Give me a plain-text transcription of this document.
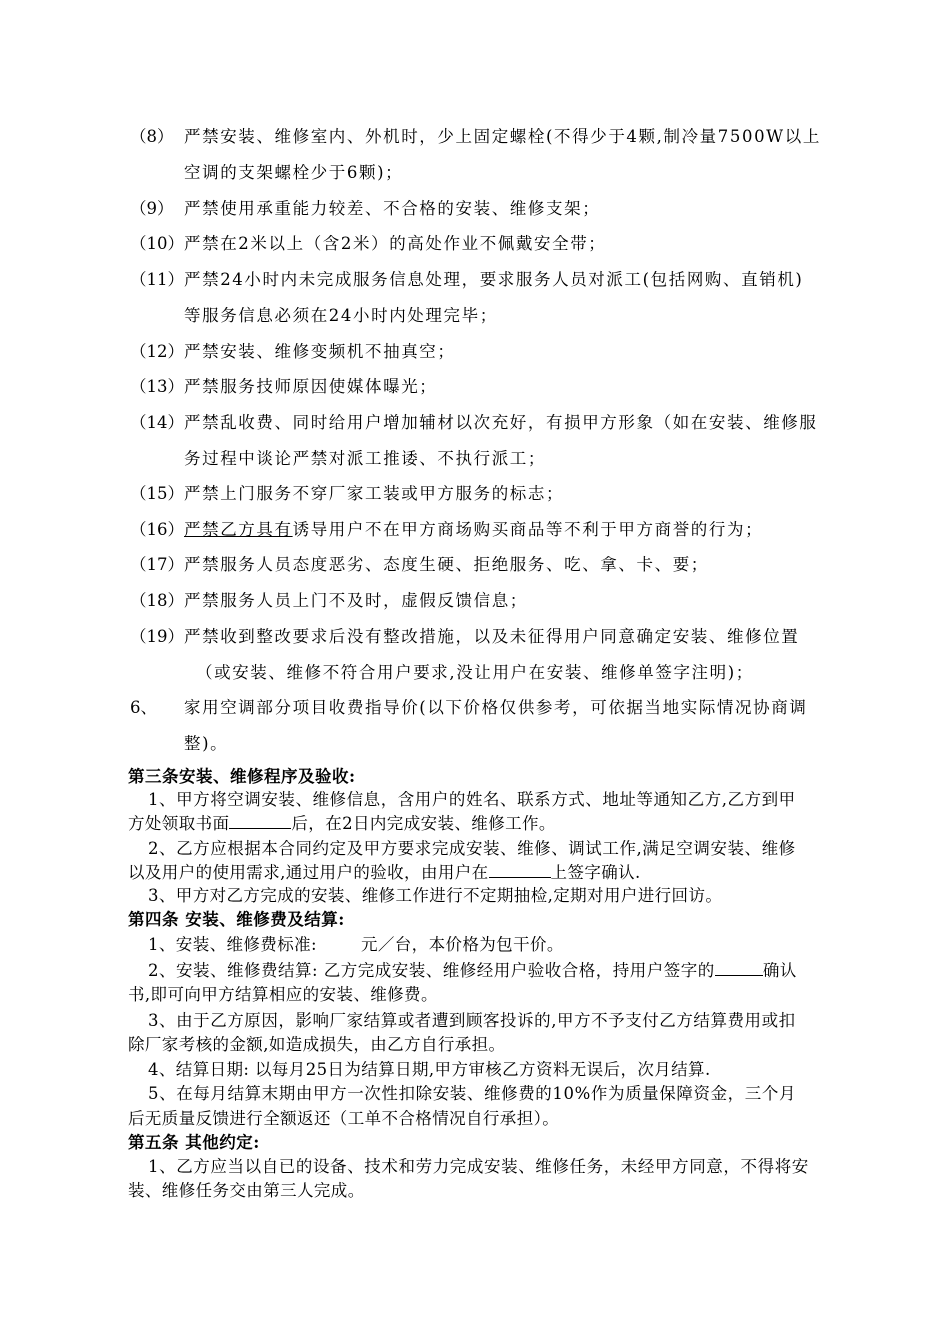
（8） 严禁安装、维修室内、外机时，少上固定螺栓(不得少于4颗,制冷量7500W以上
空调的支架螺栓少于6颗)；
（9） 严禁使用承重能力较差、不合格的安装、维修支架；
（10） 严禁在2米以上（含2米）的高处作业不佩戴安全带；
（11） 严禁24小时内未完成服务信息处理，要求服务人员对派工(包括网购、直销机)
等服务信息必须在24小时内处理完毕；
（12） 严禁安装、维修变频机不抽真空；
（13） 严禁服务技师原因使媒体曝光；
（14） 严禁乱收费、同时给用户增加辅材以次充好，有损甲方形象（如在安装、维修服
务过程中谈论严禁对派工推诿、不执行派工；
（15） 严禁上门服务不穿厂家工装或甲方服务的标志；
（16） 严禁乙方具有诱导用户不在甲方商场购买商品等不利于甲方商誉的行为；
（17） 严禁服务人员态度恶劣、态度生硬、拒绝服务、吃、拿、卡、要；
（18） 严禁服务人员上门不及时，虚假反馈信息；
（19） 严禁收到整改要求后没有整改措施，以及未征得用户同意确定安装、维修位置
（或安装、维修不符合用户要求,没让用户在安装、维修单签字注明)；
6、 家用空调部分项目收费指导价(以下价格仅供参考，可依据当地实际情况协商调
整)。
第三条安装、维修程序及验收:
1、甲方将空调安装、维修信息，含用户的姓名、联系方式、地址等通知乙方,乙方到甲
方处领取书面	后，在2日内完成安装、维修工作。
2、乙方应根据本合同约定及甲方要求完成安装、维修、调试工作,满足空调安装、维修
以及用户的使用需求,通过用户的验收，由用户在	上签字确认.
3、甲方对乙方完成的安装、维修工作进行不定期抽检,定期对用户进行回访。
第四条 安装、维修费及结算:
1、安装、维修费标准:	元／台，本价格为包干价。
2、安装、维修费结算: 乙方完成安装、维修经用户验收合格，持用户签字的	确认
书,即可向甲方结算相应的安装、维修费。
3、由于乙方原因，影响厂家结算或者遭到顾客投诉的,甲方不予支付乙方结算费用或扣
除厂家考核的金额,如造成损失，由乙方自行承担。
4、结算日期: 以每月25日为结算日期,甲方审核乙方资料无误后，次月结算.
5、在每月结算末期由甲方一次性扣除安装、维修费的10%作为质量保障资金，三个月
后无质量反馈进行全额返还（工单不合格情况自行承担）。
第五条 其他约定:
1、乙方应当以自已的设备、技术和劳力完成安装、维修任务，未经甲方同意，不得将安
装、维修任务交由第三人完成。
